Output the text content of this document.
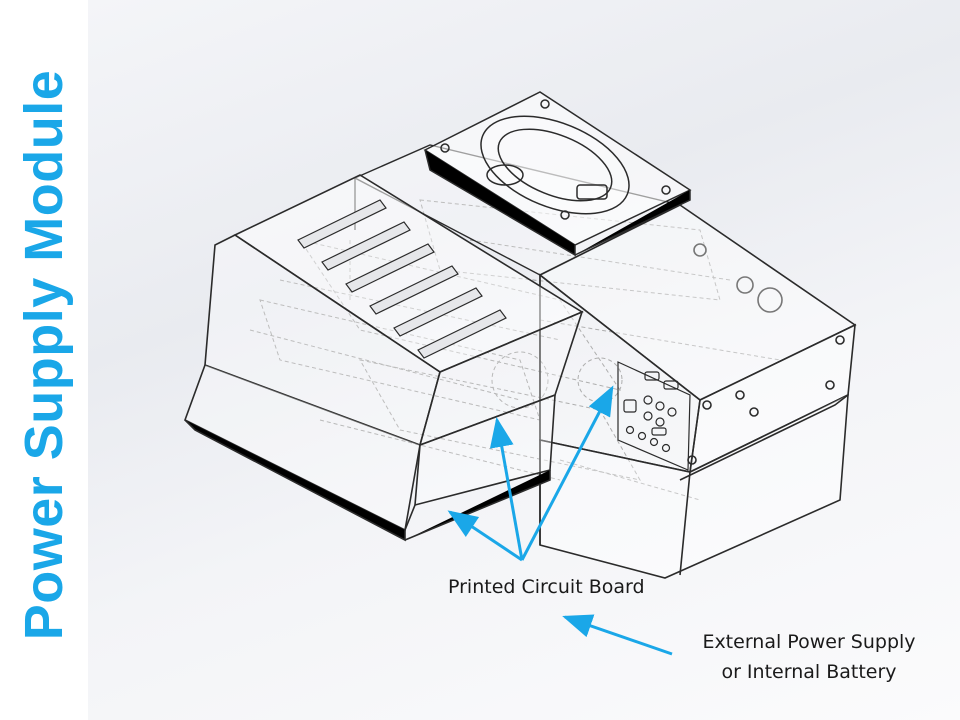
Power Supply Module	Printed Circuit Board
External Power Supply
or Internal Battery
